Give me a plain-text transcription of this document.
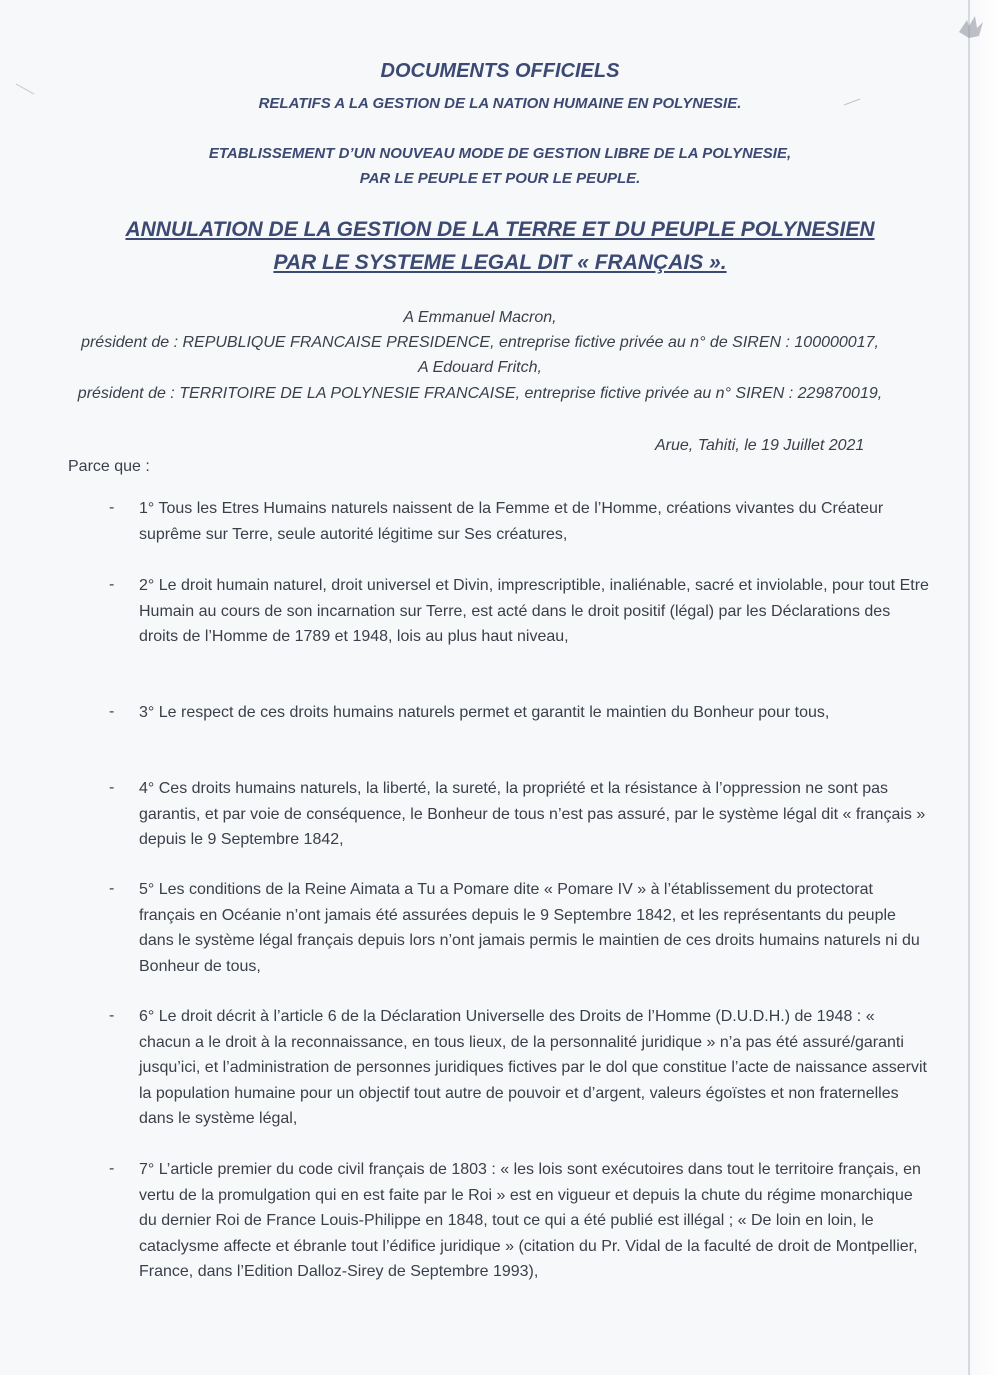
DOCUMENTS OFFICIELS
RELATIFS A LA GESTION DE LA NATION HUMAINE EN POLYNESIE.
ETABLISSEMENT D’UN NOUVEAU MODE DE GESTION LIBRE DE LA POLYNESIE,
PAR LE PEUPLE ET POUR LE PEUPLE.
ANNULATION DE LA GESTION DE LA TERRE ET DU PEUPLE POLYNESIEN
PAR LE SYSTEME LEGAL DIT « FRANÇAIS ».
A Emmanuel Macron,
président de : REPUBLIQUE FRANCAISE PRESIDENCE, entreprise fictive privée au n° de SIREN : 100000017,
A Edouard Fritch,
président de : TERRITOIRE DE LA POLYNESIE FRANCAISE, entreprise fictive privée au n° SIREN : 229870019,
Arue, Tahiti, le 19 Juillet 2021
Parce que :
- 1° Tous les Etres Humains naturels naissent de la Femme et de l’Homme, créations vivantes du Créateur suprême sur Terre, seule autorité légitime sur Ses créatures,
- 2° Le droit humain naturel, droit universel et Divin, imprescriptible, inaliénable, sacré et inviolable, pour tout Etre Humain au cours de son incarnation sur Terre, est acté dans le droit positif (légal) par les Déclarations des droits de l’Homme de 1789 et 1948, lois au plus haut niveau,
- 3° Le respect de ces droits humains naturels permet et garantit le maintien du Bonheur pour tous,
- 4° Ces droits humains naturels, la liberté, la sureté, la propriété et la résistance à l’oppression ne sont pas garantis, et par voie de conséquence, le Bonheur de tous n’est pas assuré, par le système légal dit « français » depuis le 9 Septembre 1842,
- 5° Les conditions de la Reine Aimata a Tu a Pomare dite « Pomare IV » à l’établissement du protectorat français en Océanie n’ont jamais été assurées depuis le 9 Septembre 1842, et les représentants du peuple dans le système légal français depuis lors n’ont jamais permis le maintien de ces droits humains naturels ni du Bonheur de tous,
- 6° Le droit décrit à l’article 6 de la Déclaration Universelle des Droits de l’Homme (D.U.D.H.) de 1948 : « chacun a le droit à la reconnaissance, en tous lieux, de la personnalité juridique » n’a pas été assuré/garanti jusqu’ici, et l’administration de personnes juridiques fictives par le dol que constitue l’acte de naissance asservit la population humaine pour un objectif tout autre de pouvoir et d’argent, valeurs égoïstes et non fraternelles dans le système légal,
- 7° L’article premier du code civil français de 1803 : « les lois sont exécutoires dans tout le territoire français, en vertu de la promulgation qui en est faite par le Roi » est en vigueur et depuis la chute du régime monarchique du dernier Roi de France Louis-Philippe en 1848, tout ce qui a été publié est illégal ; « De loin en loin, le cataclysme affecte et ébranle tout l’édifice juridique » (citation du Pr. Vidal de la faculté de droit de Montpellier, France, dans l’Edition Dalloz-Sirey de Septembre 1993),
